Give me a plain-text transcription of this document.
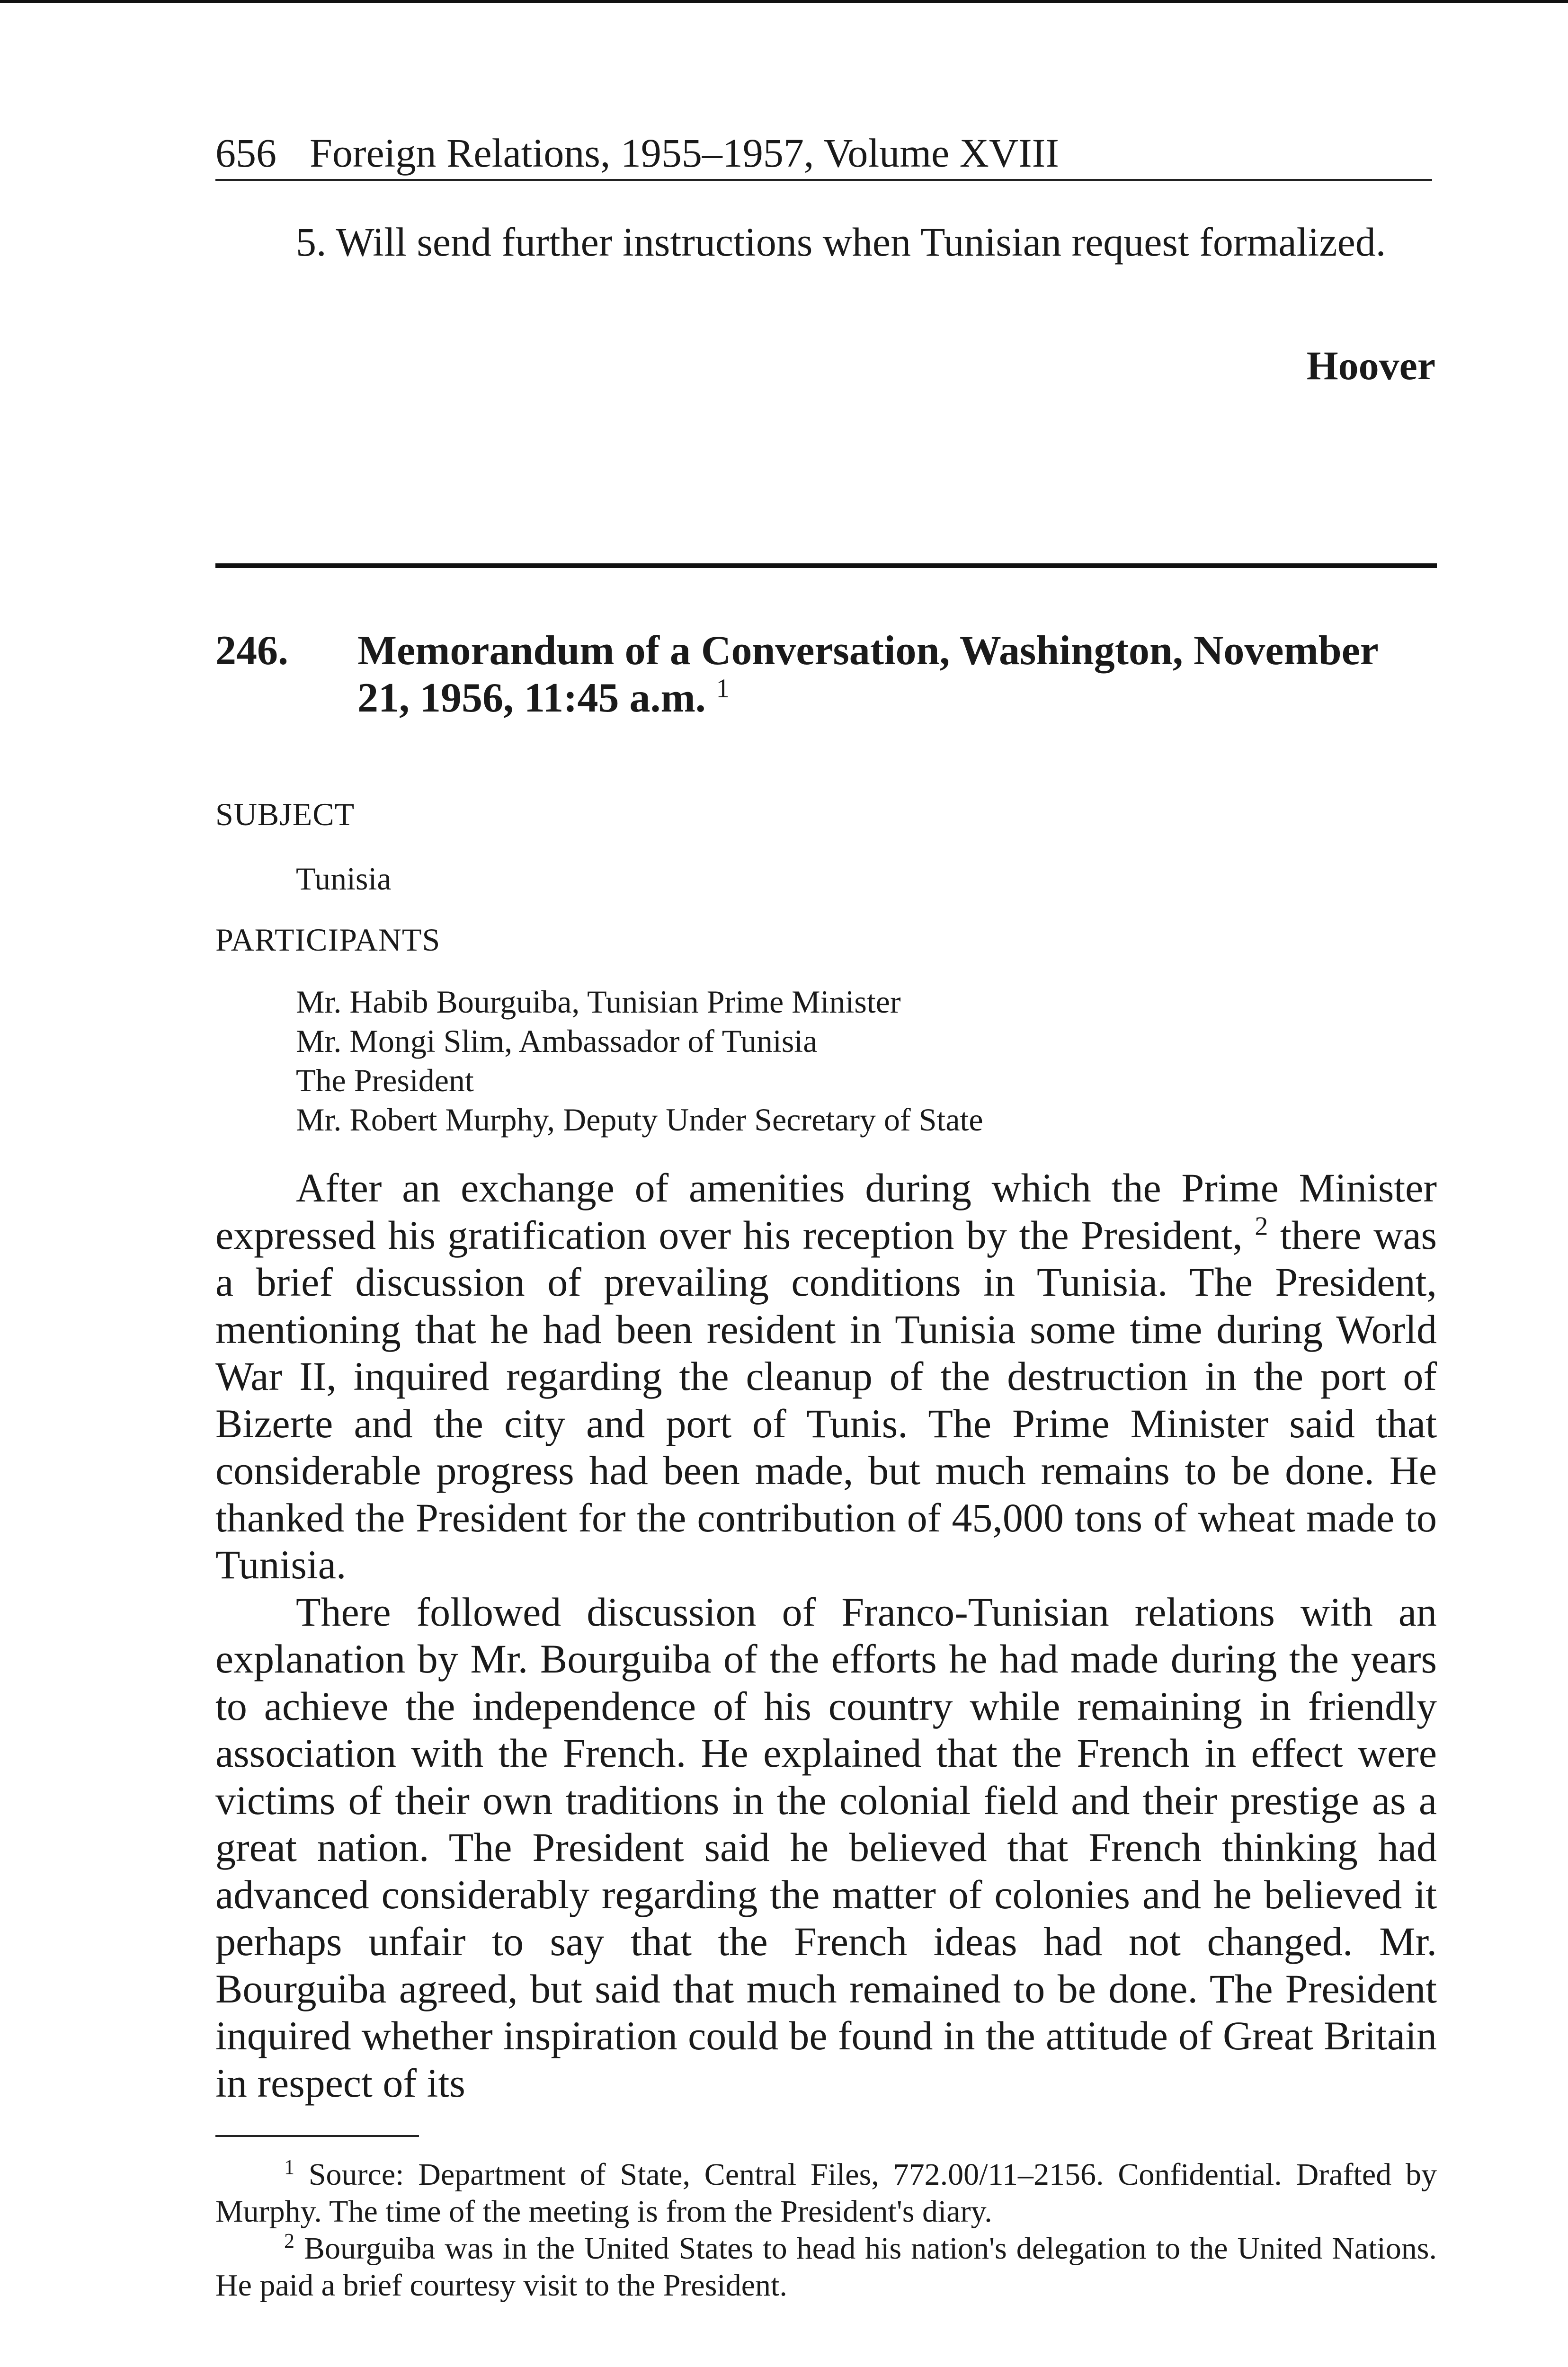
656 Foreign Relations, 1955–1957, Volume XVIII
5. Will send further instructions when Tunisian request formalized.
Hoover
246. Memorandum of a Conversation, Washington, November 21, 1956, 11:45 a.m. $^1$
SUBJECT
Tunisia
PARTICIPANTS
Mr. Habib Bourguiba, Tunisian Prime Minister
Mr. Mongi Slim, Ambassador of Tunisia
The President
Mr. Robert Murphy, Deputy Under Secretary of State

After an exchange of amenities during which the Prime Minister expressed his gratification over his reception by the President, $^2$ there was a brief discussion of prevailing conditions in Tunisia. The President, mentioning that he had been resident in Tunisia some time during World War II, inquired regarding the cleanup of the destruction in the port of Bizerte and the city and port of Tunis. The Prime Minister said that considerable progress had been made, but much remains to be done. He thanked the President for the contribution of 45,000 tons of wheat made to Tunisia.

There followed discussion of Franco-Tunisian relations with an explanation by Mr. Bourguiba of the efforts he had made during the years to achieve the independence of his country while remaining in friendly association with the French. He explained that the French in effect were victims of their own traditions in the colonial field and their prestige as a great nation. The President said he believed that French thinking had advanced considerably regarding the matter of colonies and he believed it perhaps unfair to say that the French ideas had not changed. Mr. Bourguiba agreed, but said that much remained to be done. The President inquired whether inspiration could be found in the attitude of Great Britain in respect of its

$^1$ Source: Department of State, Central Files, 772.00/11–2156. Confidential. Drafted by Murphy. The time of the meeting is from the President's diary.

$^2$ Bourguiba was in the United States to head his nation's delegation to the United Nations. He paid a brief courtesy visit to the President.
